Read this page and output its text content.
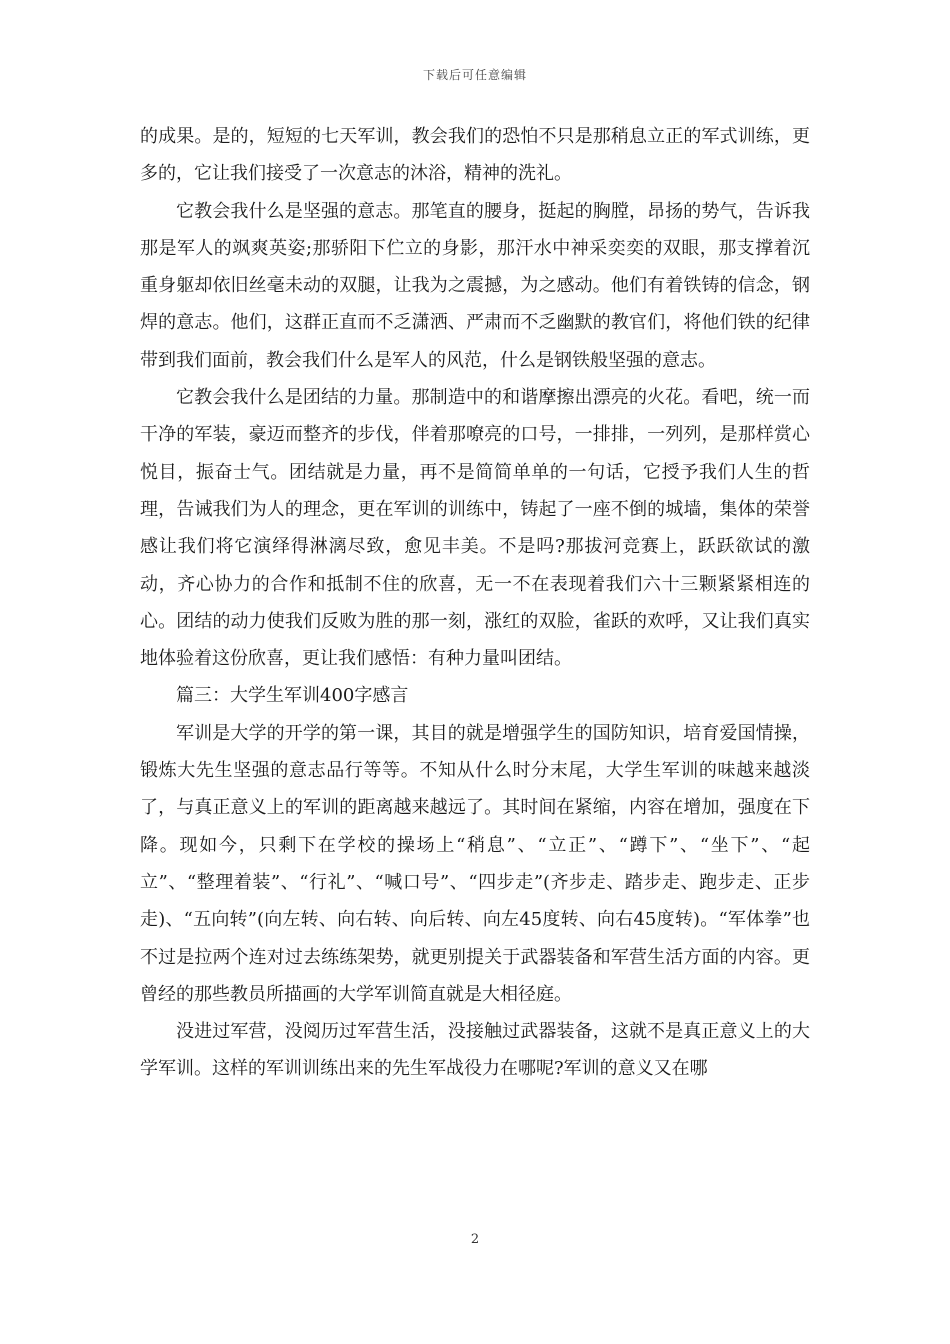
下载后可任意编辑

的成果。是的，短短的七天军训，教会我们的恐怕不只是那稍息立正的军式训练，更多的，它让我们接受了一次意志的沐浴，精神的洗礼。

它教会我什么是坚强的意志。那笔直的腰身，挺起的胸膛，昂扬的势气，告诉我那是军人的飒爽英姿;那骄阳下伫立的身影，那汗水中神采奕奕的双眼，那支撑着沉重身躯却依旧丝毫未动的双腿，让我为之震撼，为之感动。他们有着铁铸的信念，钢焊的意志。他们，这群正直而不乏潇洒、严肃而不乏幽默的教官们，将他们铁的纪律带到我们面前，教会我们什么是军人的风范，什么是钢铁般坚强的意志。

它教会我什么是团结的力量。那制造中的和谐摩擦出漂亮的火花。看吧，统一而干净的军装，豪迈而整齐的步伐，伴着那嘹亮的口号，一排排，一列列，是那样赏心悦目，振奋士气。团结就是力量，再不是简简单单的一句话，它授予我们人生的哲理，告诫我们为人的理念，更在军训的训练中，铸起了一座不倒的城墙，集体的荣誉感让我们将它演绎得淋漓尽致，愈见丰美。不是吗?那拔河竞赛上，跃跃欲试的激动，齐心协力的合作和抵制不住的欣喜，无一不在表现着我们六十三颗紧紧相连的心。团结的动力使我们反败为胜的那一刻，涨红的双脸，雀跃的欢呼，又让我们真实地体验着这份欣喜，更让我们感悟：有种力量叫团结。

篇三：大学生军训400字感言

军训是大学的开学的第一课，其目的就是增强学生的国防知识，培育爱国情操，锻炼大先生坚强的意志品行等等。不知从什么时分末尾，大学生军训的味越来越淡了，与真正意义上的军训的距离越来越远了。其时间在紧缩，内容在增加，强度在下降。现如今，只剩下在学校的操场上“稍息”、“立正”、“蹲下”、“坐下”、“起立”、“整理着装”、“行礼”、“喊口号”、“四步走”(齐步走、踏步走、跑步走、正步走)、“五向转”(向左转、向右转、向后转、向左45度转、向右45度转)。“军体拳”也不过是拉两个连对过去练练架势，就更别提关于武器装备和军营生活方面的内容。更曾经的那些教员所描画的大学军训简直就是大相径庭。

没进过军营，没阅历过军营生活，没接触过武器装备，这就不是真正意义上的大学军训。这样的军训训练出来的先生军战役力在哪呢?军训的意义又在哪

2
